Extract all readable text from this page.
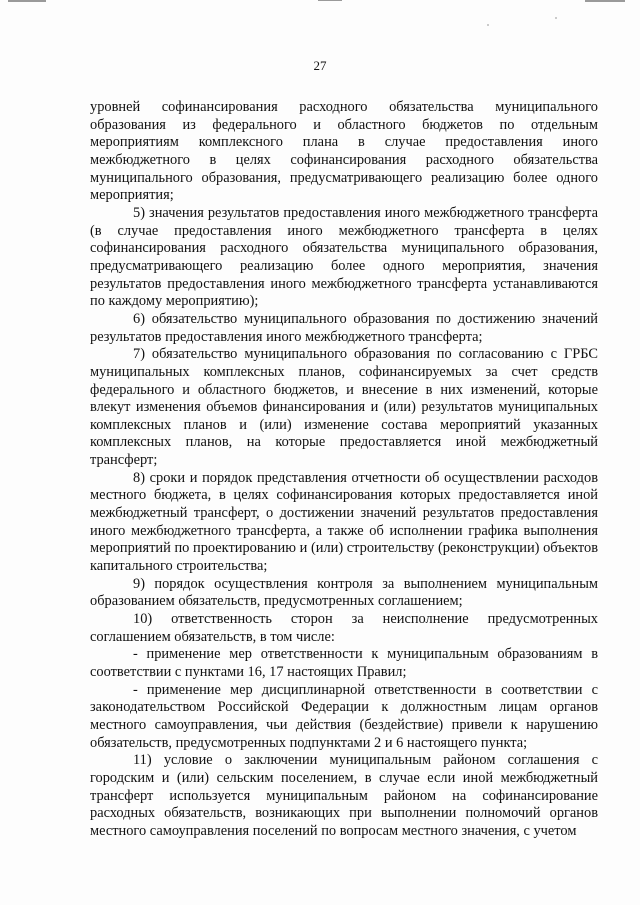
27

уровней софинансирования расходного обязательства муниципального образования из федерального и областного бюджетов по отдельным мероприятиям комплексного плана в случае предоставления иного межбюджетного в целях софинансирования расходного обязательства муниципального образования, предусматривающего реализацию более одного мероприятия;

5) значения результатов предоставления иного межбюджетного трансферта (в случае предоставления иного межбюджетного трансферта в целях софинансирования расходного обязательства муниципального образования, предусматривающего реализацию более одного мероприятия, значения результатов предоставления иного межбюджетного трансферта устанавливаются по каждому мероприятию);

6) обязательство муниципального образования по достижению значений результатов предоставления иного межбюджетного трансферта;

7) обязательство муниципального образования по согласованию с ГРБС муниципальных комплексных планов, софинансируемых за счет средств федерального и областного бюджетов, и внесение в них изменений, которые влекут изменения объемов финансирования и (или) результатов муниципальных комплексных планов и (или) изменение состава мероприятий указанных комплексных планов, на которые предоставляется иной межбюджетный трансферт;

8) сроки и порядок представления отчетности об осуществлении расходов местного бюджета, в целях софинансирования которых предоставляется иной межбюджетный трансферт, о достижении значений результатов предоставления иного межбюджетного трансферта, а также об исполнении графика выполнения мероприятий по проектированию и (или) строительству (реконструкции) объектов капитального строительства;

9) порядок осуществления контроля за выполнением муниципальным образованием обязательств, предусмотренных соглашением;

10) ответственность сторон за неисполнение предусмотренных соглашением обязательств, в том числе:

- применение мер ответственности к муниципальным образованиям в соответствии с пунктами 16, 17 настоящих Правил;

- применение мер дисциплинарной ответственности в соответствии с законодательством Российской Федерации к должностным лицам органов местного самоуправления, чьи действия (бездействие) привели к нарушению обязательств, предусмотренных подпунктами 2 и 6 настоящего пункта;

11) условие о заключении муниципальным районом соглашения с городским и (или) сельским поселением, в случае если иной межбюджетный трансферт используется муниципальным районом на софинансирование расходных обязательств, возникающих при выполнении полномочий органов местного самоуправления поселений по вопросам местного значения, с учетом
